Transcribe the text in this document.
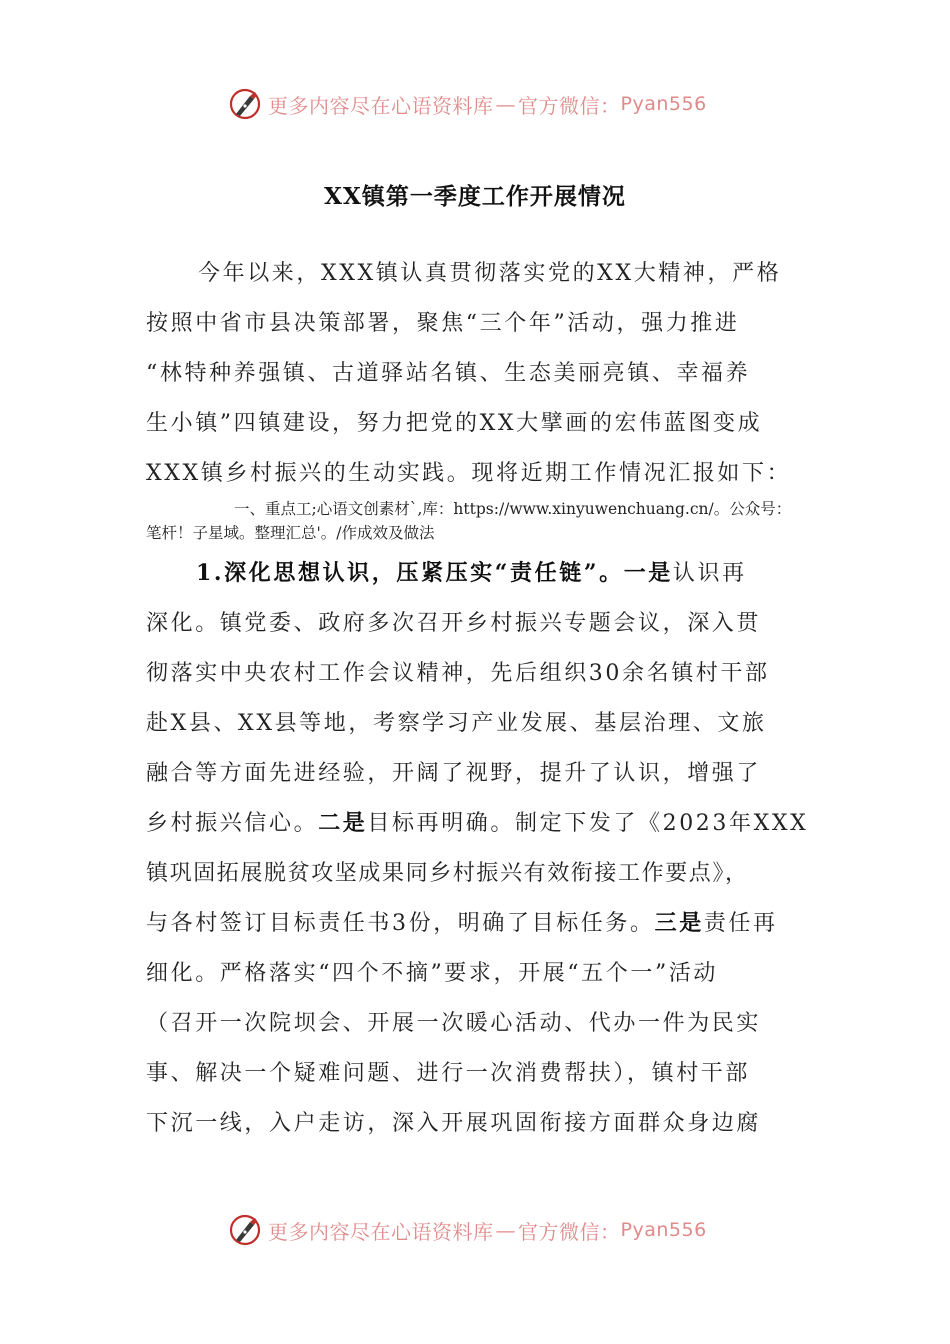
更多内容尽在心语资料库 — 官方微信： Pyan556
XX镇第一季度工作开展情况
今年以来，XXX镇认真贯彻落实党的XX大精神，严格
按照中省市县决策部署，聚焦“三个年”活动，强力推进
“林特种养强镇、古道驿站名镇、生态美丽亮镇、幸福养
生小镇”四镇建设，努力把党的XX大擘画的宏伟蓝图变成
XXX镇乡村振兴的生动实践。现将近期工作情况汇报如下：
一、重点工;心语文创素材`,库：https://www.xinyuwenchuang.cn/。公众号：
笔杆！子星域。整理汇总'。/作成效及做法
1.深化思想认识，压紧压实“责任链”。一是认识再
深化。镇党委、政府多次召开乡村振兴专题会议，深入贯
彻落实中央农村工作会议精神，先后组织30余名镇村干部
赴X县、XX县等地，考察学习产业发展、基层治理、文旅
融合等方面先进经验，开阔了视野，提升了认识，增强了
乡村振兴信心。二是目标再明确。制定下发了《2023年XXX
镇巩固拓展脱贫攻坚成果同乡村振兴有效衔接工作要点》，
与各村签订目标责任书3份，明确了目标任务。三是责任再
细化。严格落实“四个不摘”要求，开展“五个一”活动
（召开一次院坝会、开展一次暖心活动、代办一件为民实
事、解决一个疑难问题、进行一次消费帮扶），镇村干部
下沉一线，入户走访，深入开展巩固衔接方面群众身边腐
更多内容尽在心语资料库 — 官方微信： Pyan556
